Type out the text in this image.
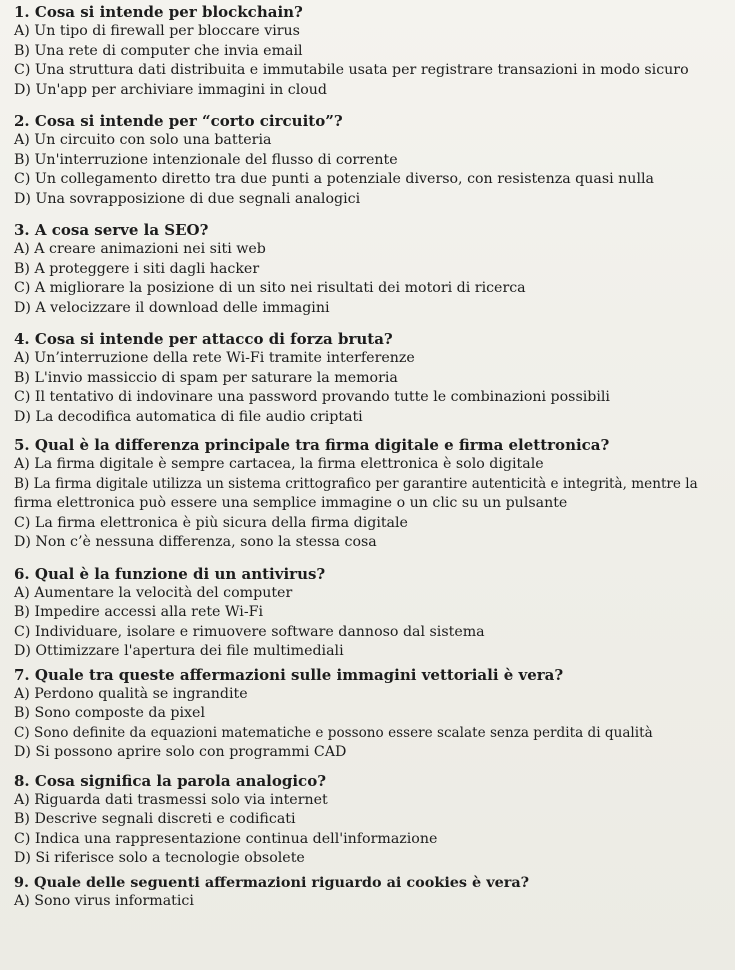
1. Cosa si intende per blockchain?
A) Un tipo di firewall per bloccare virus
B) Una rete di computer che invia email
C) Una struttura dati distribuita e immutabile usata per registrare transazioni in modo sicuro
D) Un'app per archiviare immagini in cloud
2. Cosa si intende per “corto circuito”?
A) Un circuito con solo una batteria
B) Un'interruzione intenzionale del flusso di corrente
C) Un collegamento diretto tra due punti a potenziale diverso, con resistenza quasi nulla
D) Una sovrapposizione di due segnali analogici
3. A cosa serve la SEO?
A) A creare animazioni nei siti web
B) A proteggere i siti dagli hacker
C) A migliorare la posizione di un sito nei risultati dei motori di ricerca
D) A velocizzare il download delle immagini
4. Cosa si intende per attacco di forza bruta?
A) Un’interruzione della rete Wi-Fi tramite interferenze
B) L'invio massiccio di spam per saturare la memoria
C) Il tentativo di indovinare una password provando tutte le combinazioni possibili
D) La decodifica automatica di file audio criptati
5. Qual è la differenza principale tra firma digitale e firma elettronica?
A) La firma digitale è sempre cartacea, la firma elettronica è solo digitale
B) La firma digitale utilizza un sistema crittografico per garantire autenticità e integrità, mentre la
firma elettronica può essere una semplice immagine o un clic su un pulsante
C) La firma elettronica è più sicura della firma digitale
D) Non c’è nessuna differenza, sono la stessa cosa
6. Qual è la funzione di un antivirus?
A) Aumentare la velocità del computer
B) Impedire accessi alla rete Wi-Fi
C) Individuare, isolare e rimuovere software dannoso dal sistema
D) Ottimizzare l'apertura dei file multimediali
7. Quale tra queste affermazioni sulle immagini vettoriali è vera?
A) Perdono qualità se ingrandite
B) Sono composte da pixel
C) Sono definite da equazioni matematiche e possono essere scalate senza perdita di qualità
D) Si possono aprire solo con programmi CAD
8. Cosa significa la parola analogico?
A) Riguarda dati trasmessi solo via internet
B) Descrive segnali discreti e codificati
C) Indica una rappresentazione continua dell'informazione
D) Si riferisce solo a tecnologie obsolete
9. Quale delle seguenti affermazioni riguardo ai cookies è vera?
A) Sono virus informatici
